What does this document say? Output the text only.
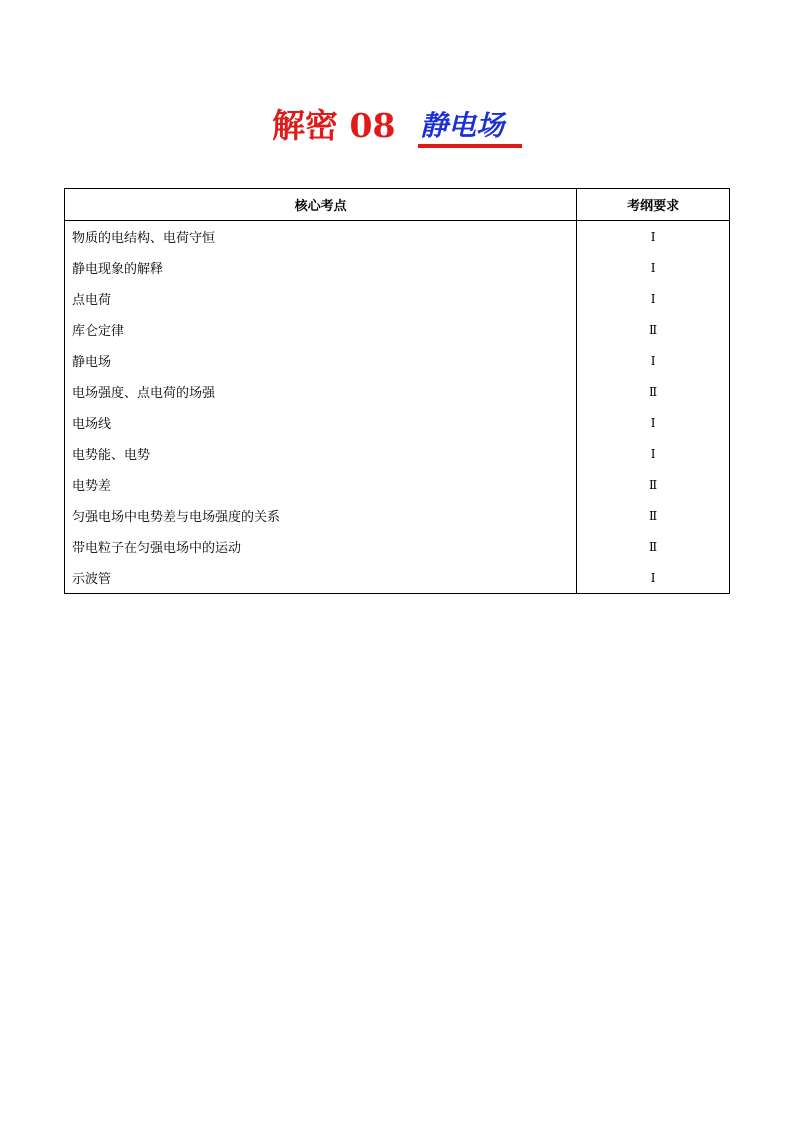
解密 08 静电场
核心考点	考纲要求
物质的电结构、电荷守恒	Ⅰ
静电现象的解释	Ⅰ
点电荷	Ⅰ
库仑定律	Ⅱ
静电场	Ⅰ
电场强度、点电荷的场强	Ⅱ
电场线	Ⅰ
电势能、电势	Ⅰ
电势差	Ⅱ
匀强电场中电势差与电场强度的关系	Ⅱ
带电粒子在匀强电场中的运动	Ⅱ
示波管	Ⅰ
